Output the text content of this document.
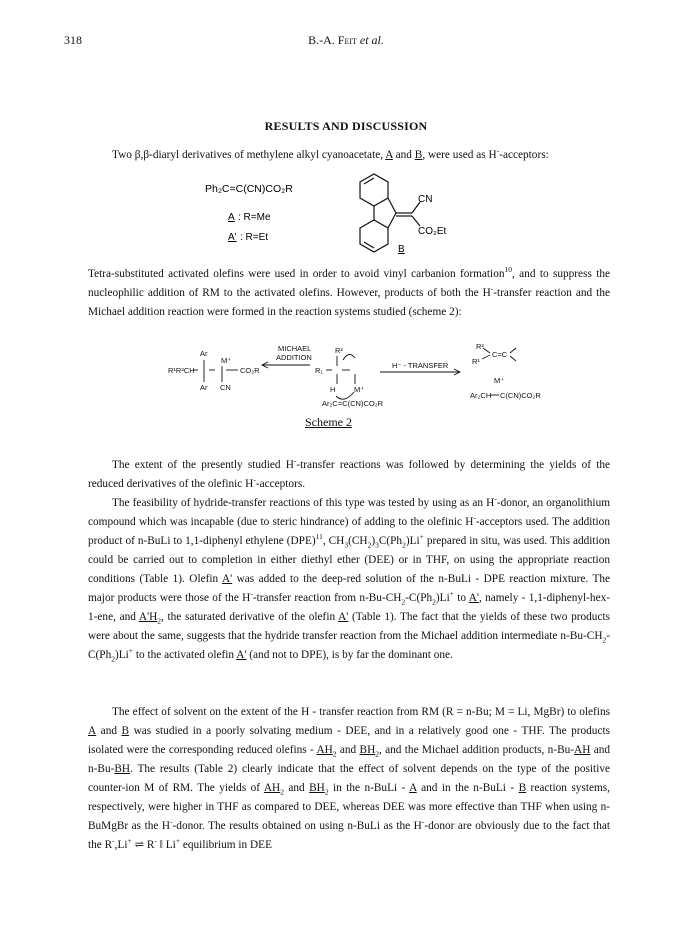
318	B.-A. Feit et al.
RESULTS AND DISCUSSION

Two β,β-diaryl derivatives of methylene alkyl cyanoacetate, A and B, were used as H--acceptors:

Ph₂C=C(CN)CO₂R
A : R=Me
A' : R=Et
CN
CO₂Et
B

Tetra-substituted activated olefins were used in order to avoid vinyl carbanion formation$^{10}$, and to suppress the nucleophilic addition of RM to the activated olefins. However, products of both the H--transfer reaction and the Michael addition reaction were formed in the reaction systems studied (scheme 2):

R¹R²CH
Ar
M⁺
CO₂R
Ar CN
MICHAEL
ADDITION
R²
R₁
H M⁺
Ar₂C=C(CN)CO₂R
H⁻ - TRANSFER
R²
R¹
C=C
M⁺
Ar₂CH C(CN)CO₂R
Scheme 2

The extent of the presently studied H--transfer reactions was followed by determining the yields of the reduced derivatives of the olefinic H--acceptors.

The feasibility of hydride-transfer reactions of this type was tested by using as an H--donor, an organolithium compound which was incapable (due to steric hindrance) of adding to the olefinic H--acceptors used. The addition product of n-BuLi to 1,1-diphenyl ethylene (DPE)$^{11}$, $CH_3(CH_2)_3C(Ph_2)Li^+$ prepared in situ, was used. This addition could be carried out to completion in either diethyl ether (DEE) or in THF, on using the appropriate reaction conditions (Table 1). Olefin A' was added to the deep-red solution of the n-BuLi - DPE reaction mixture. The major products were those of the H--transfer reaction from $n-Bu-CH_2-C(Ph_2)Li^+$ to A', namely - 1,1-diphenyl-hex-1-ene, and $A'H_2$, the saturated derivative of the olefin A' (Table 1). The fact that the yields of these two products were about the same, suggests that the hydride transfer reaction from the Michael addition intermediate $n-Bu-CH_2-C(Ph_2)Li^+$ to the activated olefin A' (and not to DPE), is by far the dominant one.

The effect of solvent on the extent of the H - transfer reaction from RM (R = n-Bu; M = Li, MgBr) to olefins A and B was studied in a poorly solvating medium - DEE, and in a relatively good one - THF. The products isolated were the corresponding reduced olefins - $AH_2$ and $BH_2$, and the Michael addition products, n-Bu-AH and n-Bu-BH. The results (Table 2) clearly indicate that the effect of solvent depends on the type of the positive counter-ion M of RM. The yields of $AH_2$ and $BH_2$ in the n-BuLi - A and in the n-BuLi - B reaction systems, respectively, were higher in THF as compared to DEE, whereas DEE was more effective than THF when using n-BuMgBr as the H--donor. The results obtained on using n-BuLi as the H--donor are obviously due to the fact that the R-,Li+ ⇌ R- ‖ Li+ equilibrium in DEE
